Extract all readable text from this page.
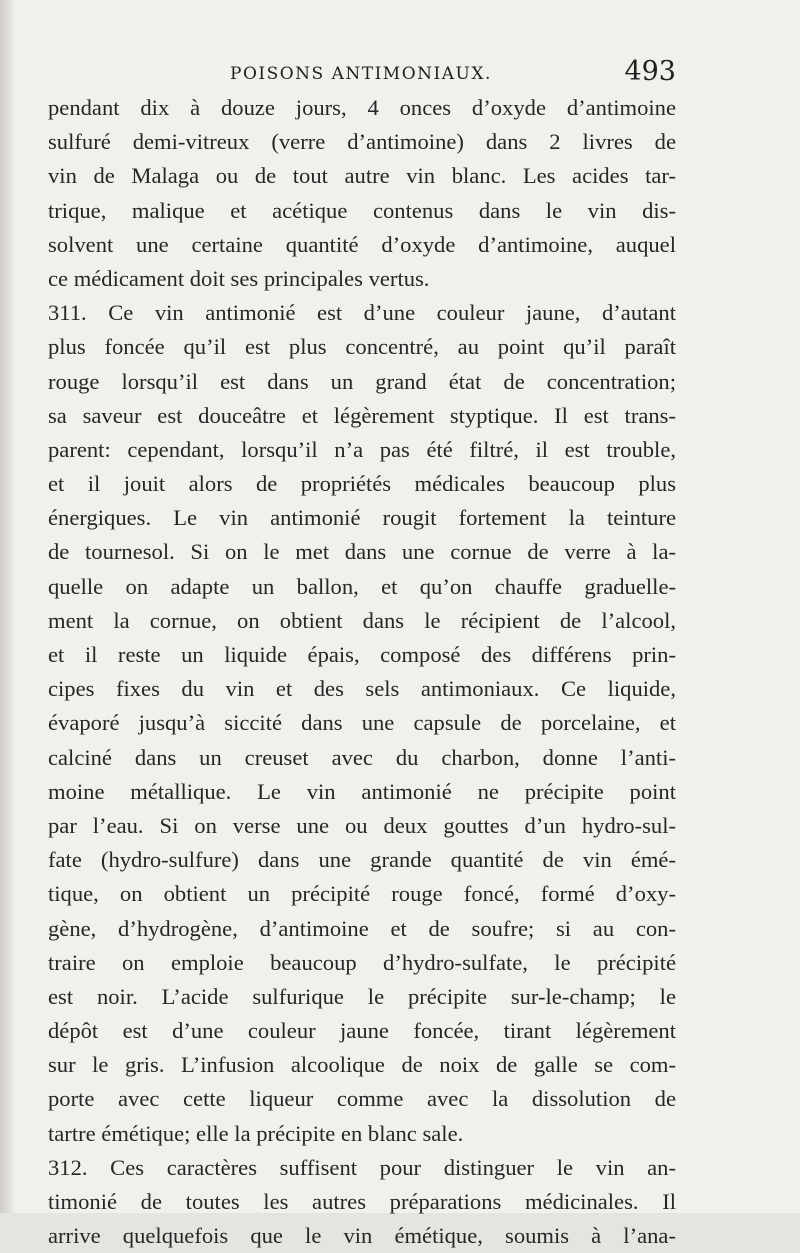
POISONS ANTIMONIAUX.	493
pendant dix à douze jours, 4 onces d’oxyde d’antimoine
sulfuré demi-vitreux (verre d’antimoine) dans 2 livres de
vin de Malaga ou de tout autre vin blanc. Les acides tar-
trique, malique et acétique contenus dans le vin dis-
solvent une certaine quantité d’oxyde d’antimoine, auquel
ce médicament doit ses principales vertus.
311. Ce vin antimonié est d’une couleur jaune, d’autant
plus foncée qu’il est plus concentré, au point qu’il paraît
rouge lorsqu’il est dans un grand état de concentration;
sa saveur est douceâtre et légèrement styptique. Il est trans-
parent: cependant, lorsqu’il n’a pas été filtré, il est trouble,
et il jouit alors de propriétés médicales beaucoup plus
énergiques. Le vin antimonié rougit fortement la teinture
de tournesol. Si on le met dans une cornue de verre à la-
quelle on adapte un ballon, et qu’on chauffe graduelle-
ment la cornue, on obtient dans le récipient de l’alcool,
et il reste un liquide épais, composé des différens prin-
cipes fixes du vin et des sels antimoniaux. Ce liquide,
évaporé jusqu’à siccité dans une capsule de porcelaine, et
calciné dans un creuset avec du charbon, donne l’anti-
moine métallique. Le vin antimonié ne précipite point
par l’eau. Si on verse une ou deux gouttes d’un hydro-sul-
fate (hydro-sulfure) dans une grande quantité de vin émé-
tique, on obtient un précipité rouge foncé, formé d’oxy-
gène, d’hydrogène, d’antimoine et de soufre; si au con-
traire on emploie beaucoup d’hydro-sulfate, le précipité
est noir. L’acide sulfurique le précipite sur-le-champ; le
dépôt est d’une couleur jaune foncée, tirant légèrement
sur le gris. L’infusion alcoolique de noix de galle se com-
porte avec cette liqueur comme avec la dissolution de
tartre émétique; elle la précipite en blanc sale.
312. Ces caractères suffisent pour distinguer le vin an-
timonié de toutes les autres préparations médicinales. Il
arrive quelquefois que le vin émétique, soumis à l’ana-
